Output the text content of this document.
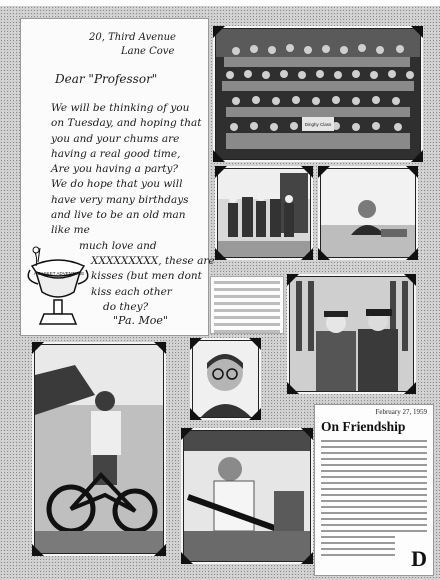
20, Third Avenue
Lane Cove
Dear "Professor"
We will be thinking of you
on Tuesday, and hoping that
you and your chums are
having a real good time,
Are you having a party?
We do hope that you will
have very many birthdays
and live to be an old man
like me
much love and
XXXXXXXXX, these are
kisses (but men dont
kiss each other
do they?
"Pa. Moe"
A BASKET ADVENTURE
Dinghy Class
February 27, 1959
On Friendship
D
